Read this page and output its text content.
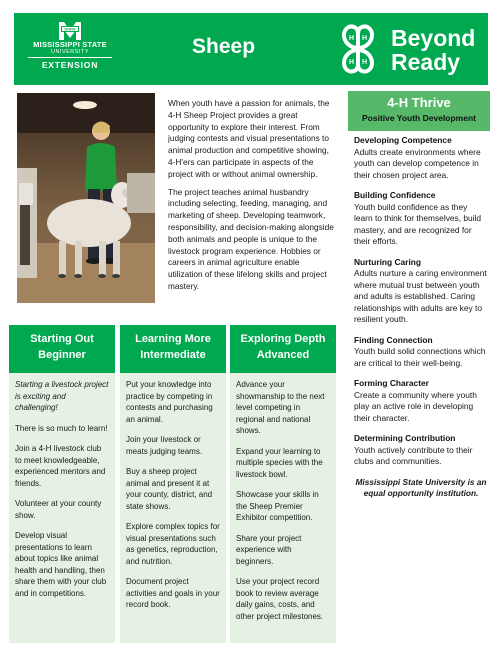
STATE
MISSISSIPPI STATE
UNIVERSITY
EXTENSION
Sheep	H H
H H
Beyond
Ready

When youth have a passion for animals, the 4-H Sheep Project provides a great opportunity to explore their interest. From judging contests and visual presentations to animal production and competitive showing, 4-H'ers can participate in aspects of the project with or without animal ownership.

The project teaches animal husbandry including selecting, feeding, managing, and marketing of sheep. Developing teamwork, responsibility, and decision-making alongside both animals and people is unique to the livestock program experience. Hobbies or careers in animal agriculture enable utilization of these lifelong skills and project mastery.

4-H Thrive
Positive Youth Development
Developing Competence
Adults create environments where youth can develop competence in their chosen project area.
Building Confidence
Youth build confidence as they learn to think for themselves, build mastery, and are recognized for their efforts.
Nurturing Caring
Adults nurture a caring environment where mutual trust between youth and adults is established. Caring relationships with adults are key to resilient youth.
Finding Connection
Youth build solid connections which are critical to their well-being.
Forming Character
Create a community where youth play an active role in developing their character.
Determining Contribution
Youth actively contribute to their clubs and communities.
Mississippi State University is an equal opportunity institution.
Starting Out
Beginner

Starting a livestock project is exciting and challenging!

There is so much to learn!

Join a 4-H livestock club to meet knowledgeable, experienced mentors and friends.

Volunteer at your county show.

Develop visual presentations to learn about topics like animal health and handling, then share them with your club and in competitions.

Learning More
Intermediate

Put your knowledge into practice by competing in contests and purchasing an animal.

Join your livestock or meats judging teams.

Buy a sheep project animal and present it at your county, district, and state shows.

Explore complex topics for visual presentations such as genetics, reproduction, and nutrition.

Document project activities and goals in your record book.

Exploring Depth
Advanced

Advance your showmanship to the next level competing in regional and national shows.

Expand your learning to multiple species with the livestock bowl.

Showcase your skills in the Sheep Premier Exhibitor competition.

Share your project experience with beginners.

Use your project record book to review average daily gains, costs, and other project milestones.
